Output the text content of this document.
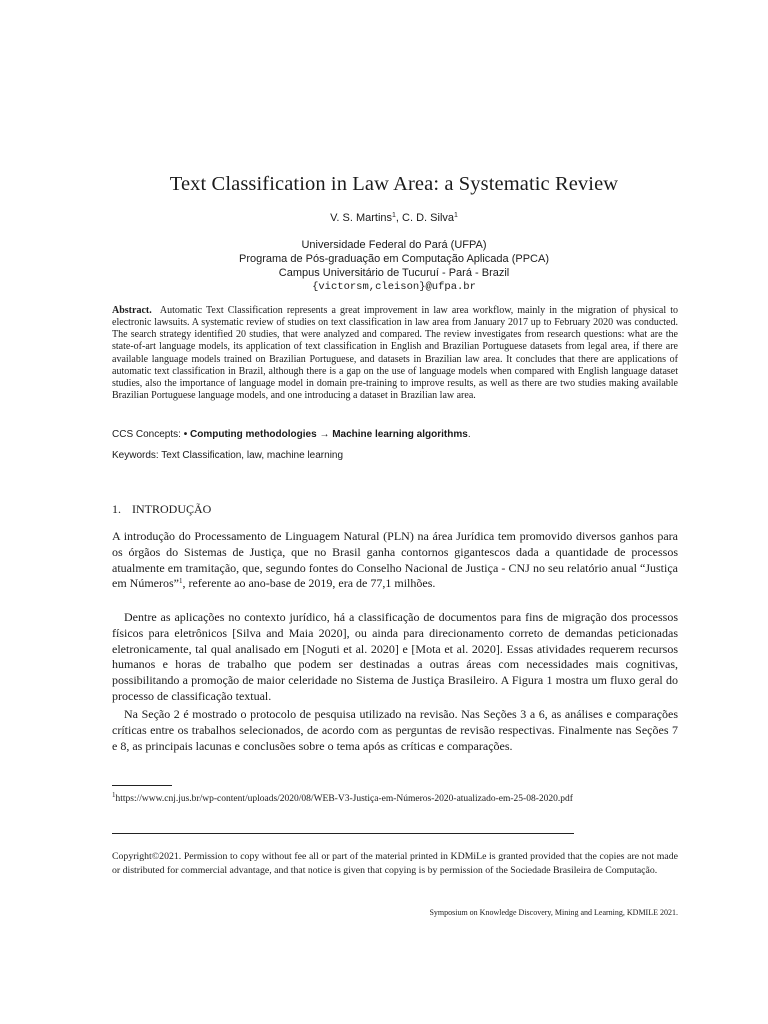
Text Classification in Law Area: a Systematic Review
V. S. Martins$^1$, C. D. Silva$^1$
Universidade Federal do Pará (UFPA)
Programa de Pós-graduação em Computação Aplicada (PPCA)
Campus Universitário de Tucuruí - Pará - Brazil
{victorsm,cleison}@ufpa.br
Abstract. Automatic Text Classification represents a great improvement in law area workflow, mainly in the migration of physical to electronic lawsuits. A systematic review of studies on text classification in law area from January 2017 up to February 2020 was conducted. The search strategy identified 20 studies, that were analyzed and compared. The review investigates from research questions: what are the state-of-art language models, its application of text classification in English and Brazilian Portuguese datasets from legal area, if there are available language models trained on Brazilian Portuguese, and datasets in Brazilian law area. It concludes that there are applications of automatic text classification in Brazil, although there is a gap on the use of language models when compared with English language dataset studies, also the importance of language model in domain pre-training to improve results, as well as there are two studies making available Brazilian Portuguese language models, and one introducing a dataset in Brazilian law area.
CCS Concepts: • Computing methodologies → Machine learning algorithms.
Keywords: Text Classification, law, machine learning
1. INTRODUÇÃO
A introdução do Processamento de Linguagem Natural (PLN) na área Jurídica tem promovido diversos ganhos para os órgãos do Sistemas de Justiça, que no Brasil ganha contornos gigantescos dada a quantidade de processos atualmente em tramitação, que, segundo fontes do Conselho Nacional de Justiça - CNJ no seu relatório anual “Justiça em Números”$^1$, referente ao ano-base de 2019, era de 77,1 milhões.
Dentre as aplicações no contexto jurídico, há a classificação de documentos para fins de migração dos processos físicos para eletrônicos [Silva and Maia 2020], ou ainda para direcionamento correto de demandas peticionadas eletronicamente, tal qual analisado em [Noguti et al. 2020] e [Mota et al. 2020]. Essas atividades requerem recursos humanos e horas de trabalho que podem ser destinadas a outras áreas com necessidades mais cognitivas, possibilitando a promoção de maior celeridade no Sistema de Justiça Brasileiro. A Figura 1 mostra um fluxo geral do processo de classificação textual.
Na Seção 2 é mostrado o protocolo de pesquisa utilizado na revisão. Nas Seções 3 a 6, as análises e comparações críticas entre os trabalhos selecionados, de acordo com as perguntas de revisão respectivas. Finalmente nas Seções 7 e 8, as principais lacunas e conclusões sobre o tema após as críticas e comparações.
$^1$https://www.cnj.jus.br/wp-content/uploads/2020/08/WEB-V3-Justiça-em-Números-2020-atualizado-em-25-08-2020.pdf
Copyright©2021. Permission to copy without fee all or part of the material printed in KDMiLe is granted provided that the copies are not made or distributed for commercial advantage, and that notice is given that copying is by permission of the Sociedade Brasileira de Computação.
Symposium on Knowledge Discovery, Mining and Learning, KDMILE 2021.
